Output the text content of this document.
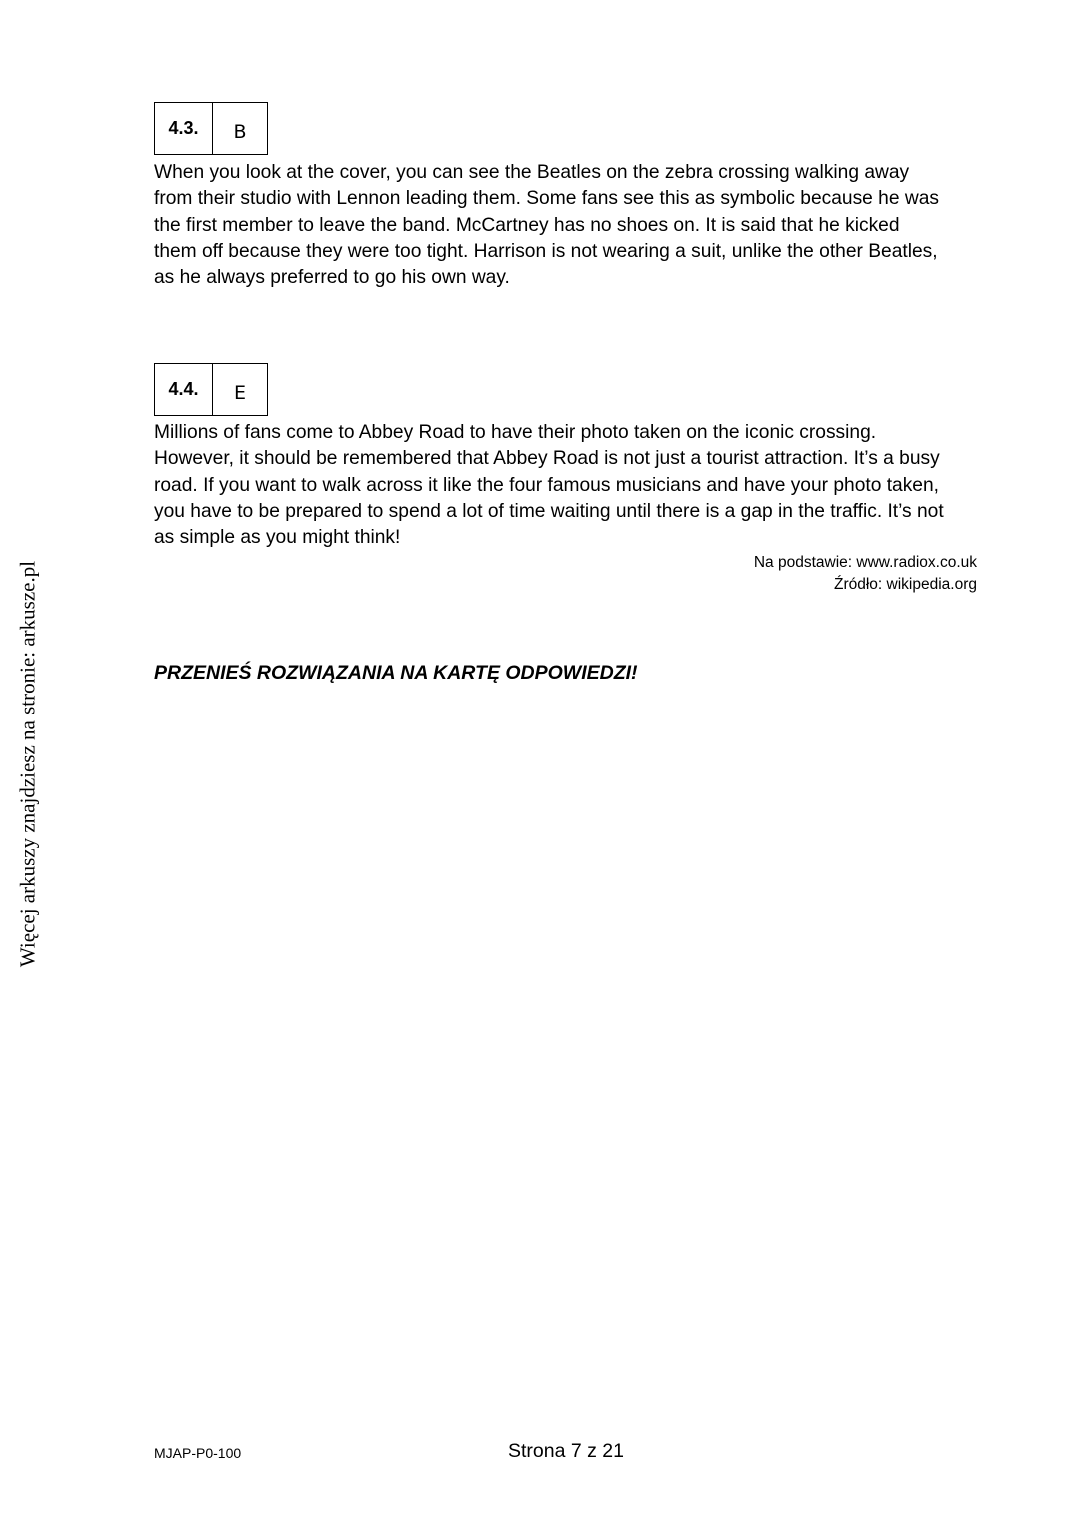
Więcej arkuszy znajdziesz na stronie: arkusze.pl
4.3.	B

When you look at the cover, you can see the Beatles on the zebra crossing walking away
from their studio with Lennon leading them. Some fans see this as symbolic because he was
the first member to leave the band. McCartney has no shoes on. It is said that he kicked
them off because they were too tight. Harrison is not wearing a suit, unlike the other Beatles,
as he always preferred to go his own way.

4.4.	E

Millions of fans come to Abbey Road to have their photo taken on the iconic crossing.
However, it should be remembered that Abbey Road is not just a tourist attraction. It’s a busy
road. If you want to walk across it like the four famous musicians and have your photo taken,
you have to be prepared to spend a lot of time waiting until there is a gap in the traffic. It’s not
as simple as you might think!

Na podstawie: www.radiox.co.uk
Źródło: wikipedia.org
PRZENIEŚ ROZWIĄZANIA NA KARTĘ ODPOWIEDZI!
MJAP-P0-100	Strona 7 z 21
